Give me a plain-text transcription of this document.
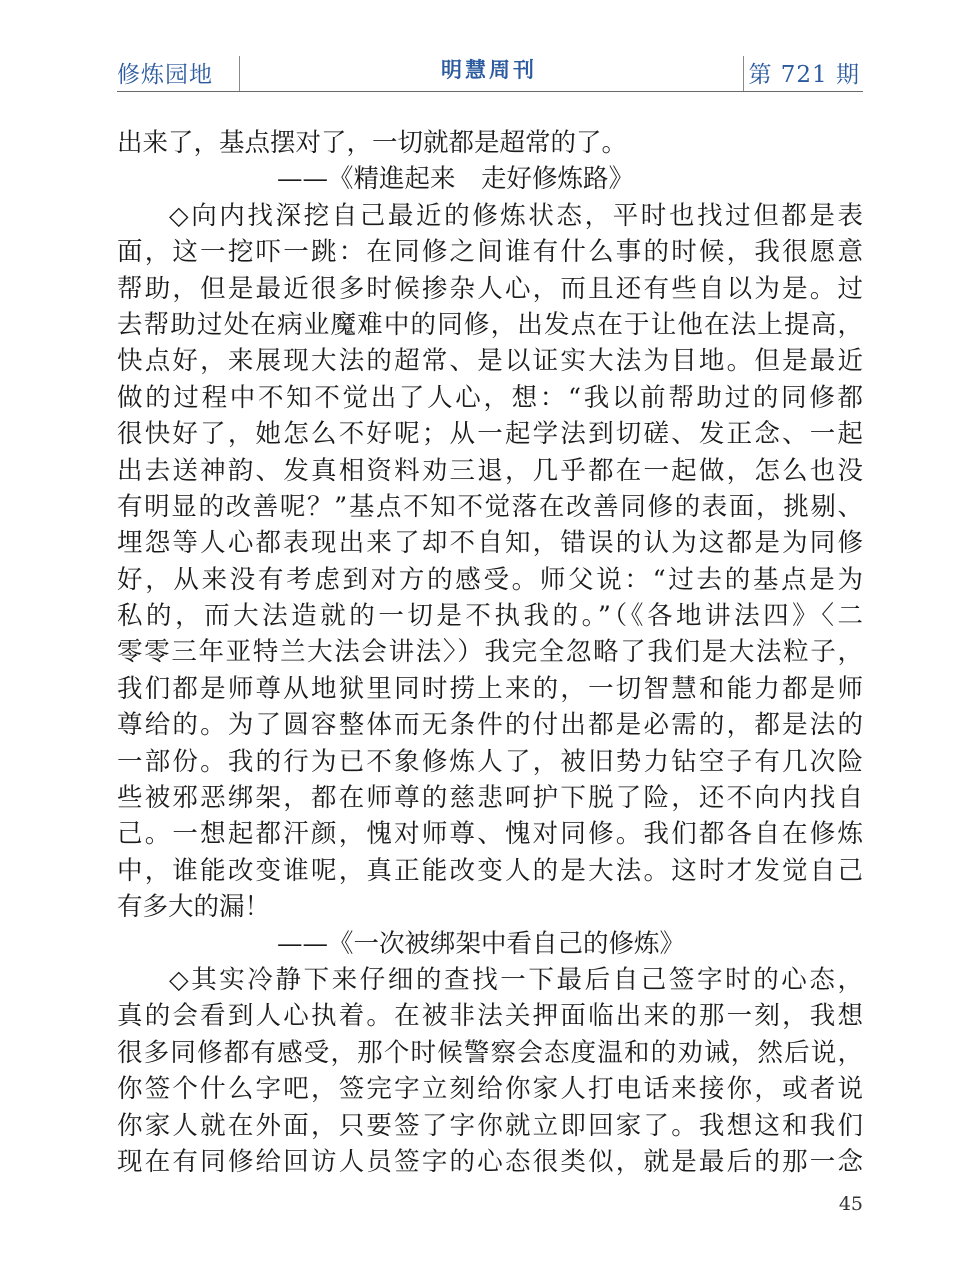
修炼园地	明慧周刊	第 721 期
出来了，基点摆对了，一切就都是超常的了。
——《精進起来　走好修炼路》
◇向内找深挖自己最近的修炼状态，平时也找过但都是表
面，这一挖吓一跳：在同修之间谁有什么事的时候，我很愿意
帮助，但是最近很多时候掺杂人心，而且还有些自以为是。过
去帮助过处在病业魔难中的同修，出发点在于让他在法上提高，
快点好，来展现大法的超常、是以证实大法为目地。但是最近
做的过程中不知不觉出了人心，想：“我以前帮助过的同修都
很快好了，她怎么不好呢；从一起学法到切磋、发正念、一起
出去送神韵、发真相资料劝三退，几乎都在一起做，怎么也没
有明显的改善呢？”基点不知不觉落在改善同修的表面，挑剔、
埋怨等人心都表现出来了却不自知，错误的认为这都是为同修
好，从来没有考虑到对方的感受。师父说：“过去的基点是为
私的，而大法造就的一切是不执我的。”（《各地讲法四》〈二
零零三年亚特兰大法会讲法〉）我完全忽略了我们是大法粒子，
我们都是师尊从地狱里同时捞上来的，一切智慧和能力都是师
尊给的。为了圆容整体而无条件的付出都是必需的，都是法的
一部份。我的行为已不象修炼人了，被旧势力钻空子有几次险
些被邪恶绑架，都在师尊的慈悲呵护下脱了险，还不向内找自
己。一想起都汗颜，愧对师尊、愧对同修。我们都各自在修炼
中，谁能改变谁呢，真正能改变人的是大法。这时才发觉自己
有多大的漏！
——《一次被绑架中看自己的修炼》
◇其实冷静下来仔细的查找一下最后自己签字时的心态，
真的会看到人心执着。在被非法关押面临出来的那一刻，我想
很多同修都有感受，那个时候警察会态度温和的劝诫，然后说，
你签个什么字吧，签完字立刻给你家人打电话来接你，或者说
你家人就在外面，只要签了字你就立即回家了。我想这和我们
现在有同修给回访人员签字的心态很类似，就是最后的那一念
45
